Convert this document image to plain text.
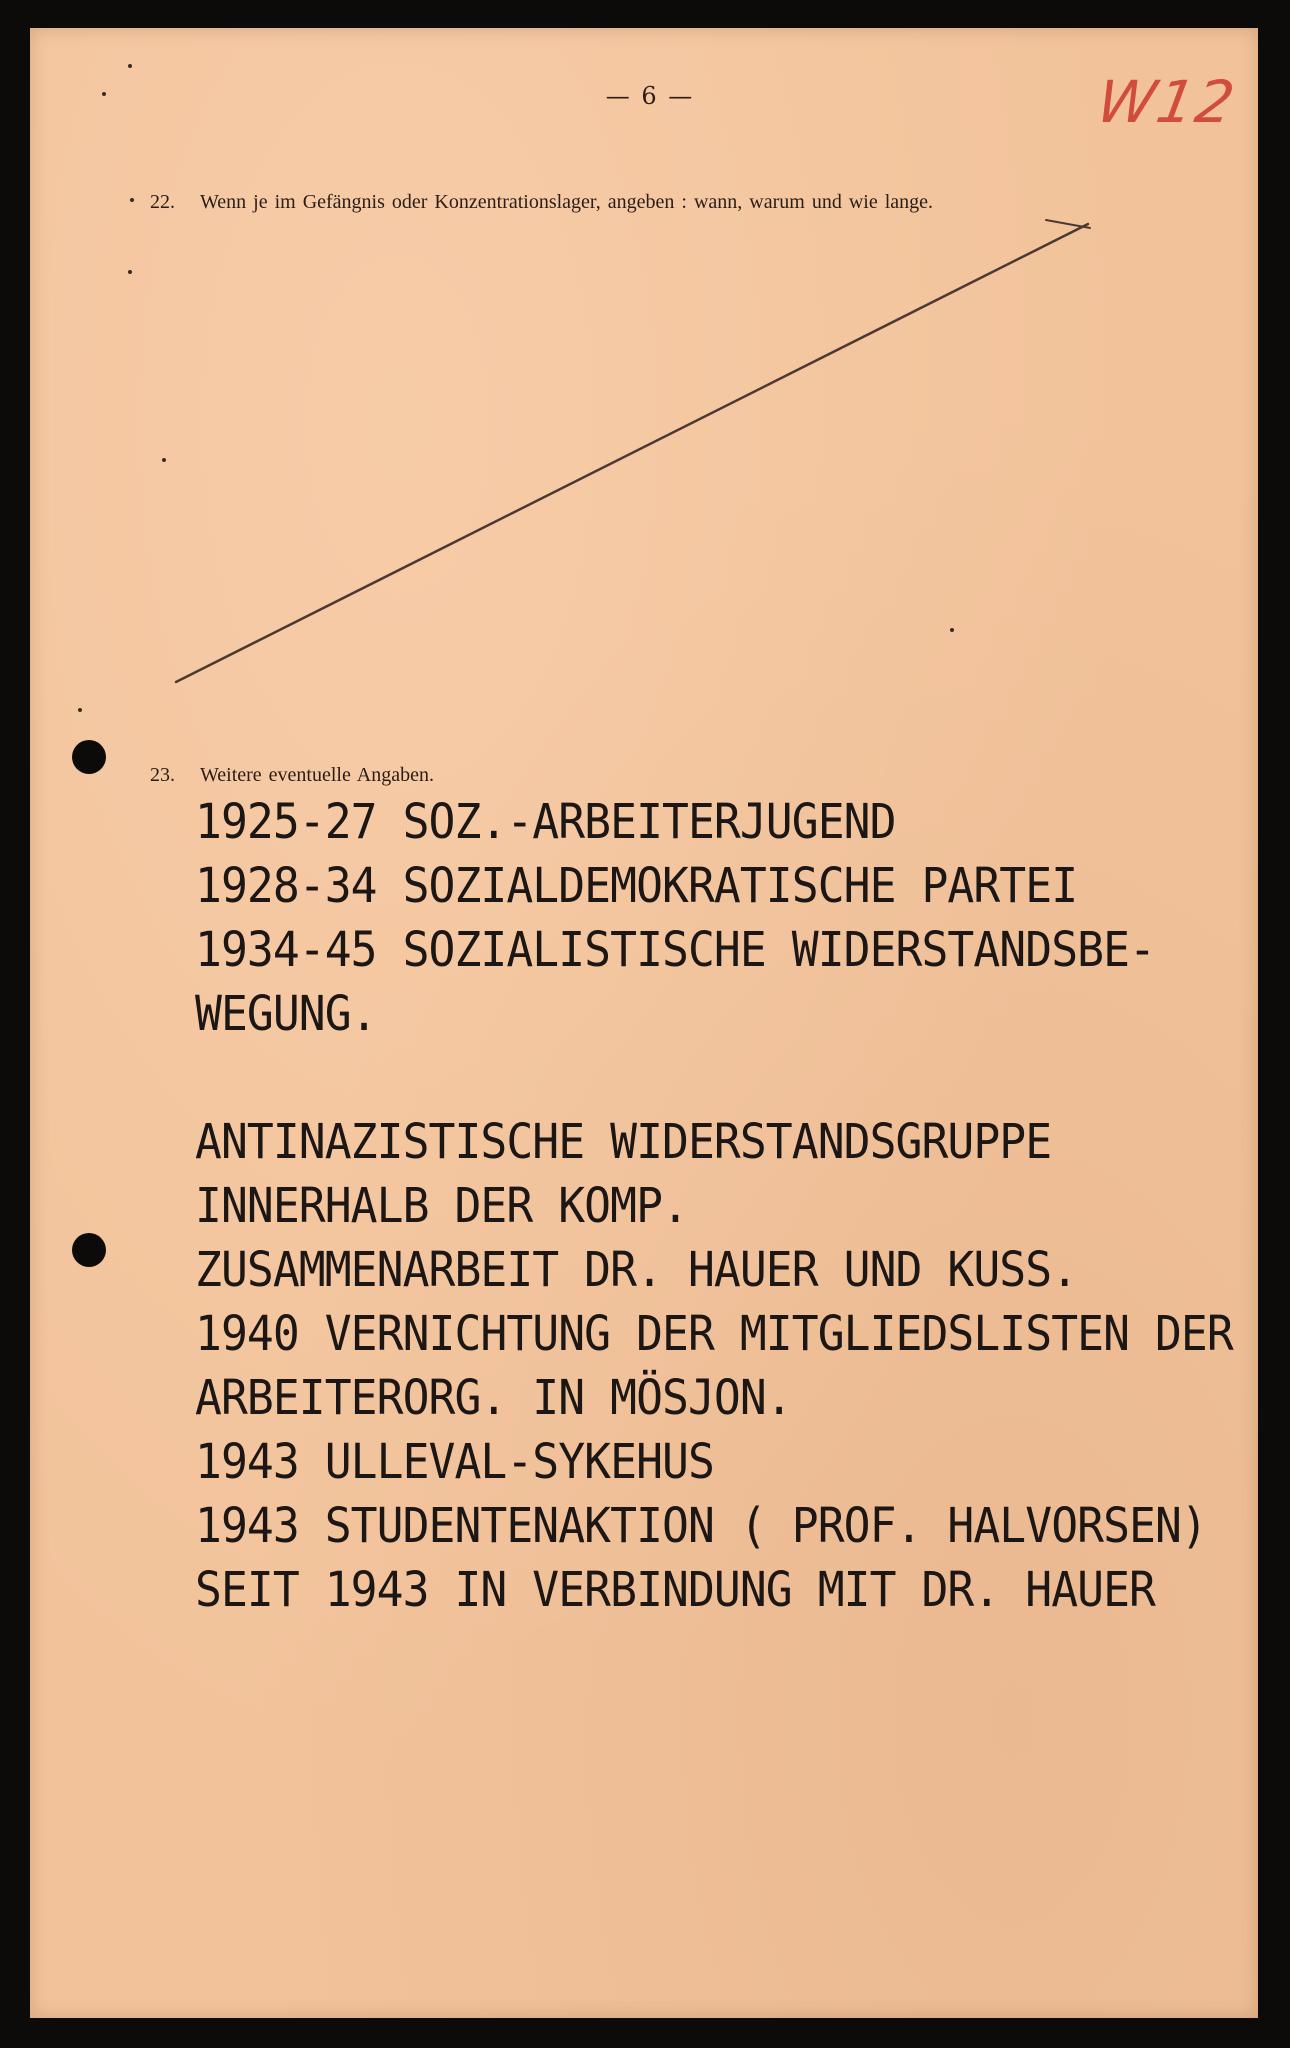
— 6 —	W12
22. Wenn je im Gefängnis oder Konzentrationslager, angeben : wann, warum und wie lange.
23. Weitere eventuelle Angaben.
1925-27 SOZ.-ARBEITERJUGEND
1928-34 SOZIALDEMOKRATISCHE PARTEI
1934-45 SOZIALISTISCHE WIDERSTANDSBE-
WEGUNG.
ANTINAZISTISCHE WIDERSTANDSGRUPPE
INNERHALB DER KOMP.
ZUSAMMENARBEIT DR. HAUER UND KUSS.
1940 VERNICHTUNG DER MITGLIEDSLISTEN DER
ARBEITERORG. IN MÖSJON.
1943 ULLEVAL-SYKEHUS
1943 STUDENTENAKTION ( PROF. HALVORSEN)
SEIT 1943 IN VERBINDUNG MIT DR. HAUER
